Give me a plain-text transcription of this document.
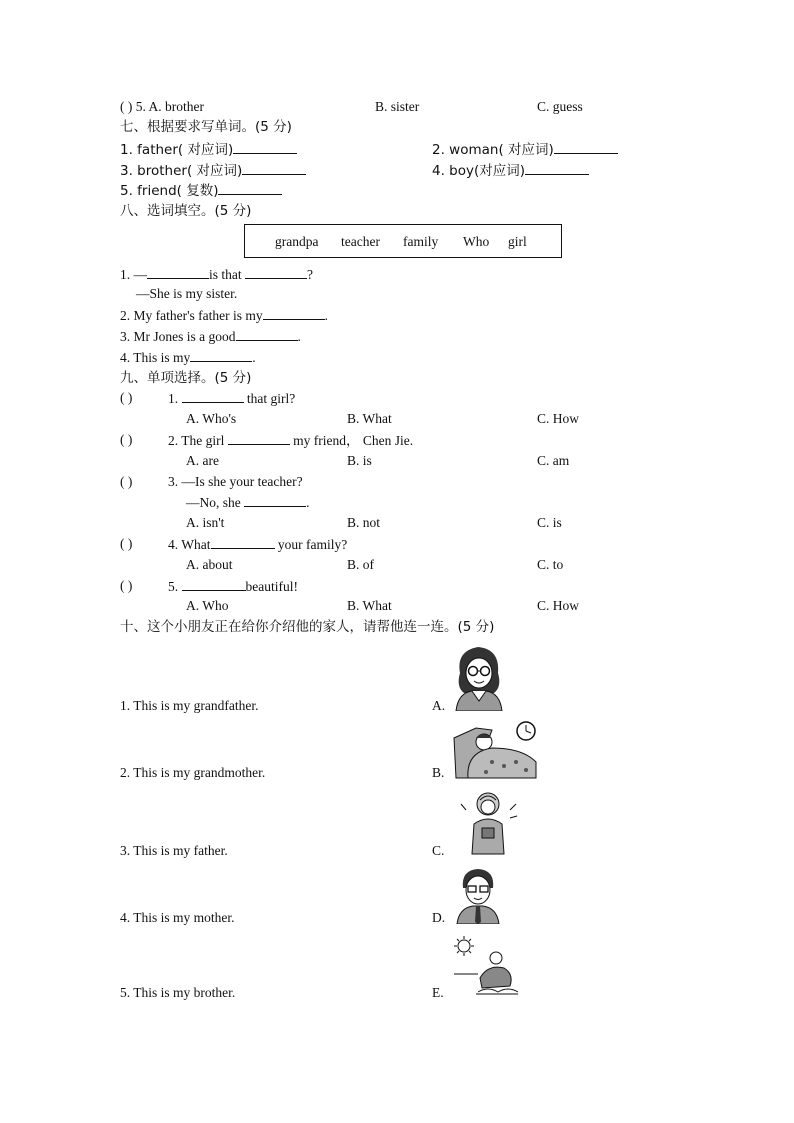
( ) 5. A. brother	B. sister	C. guess
七、根据要求写单词。(5 分)
1. father( 对应词)	2. woman( 对应词)
3. brother( 对应词)	4. boy(对应词)
5. friend( 复数)
八、选词填空。(5 分)
grandpa teacher family Who girl
1. —	is that	?
—She is my sister.
2. My father's father is my	.
3. Mr Jones is a good	.
4. This is my	.
九、单项选择。(5 分)
( )	1.	that girl?
A. Who's	B. What	C. How
( )	2. The girl	my friend， Chen Jie.
A. are	B. is	C. am
( )	3. —Is she your teacher?
—No, she	.
A. isn't	B. not	C. is
( )	4. What	your family?
A. about	B. of	C. to
( )	5.	beautiful!
A. Who	B. What	C. How
十、这个小朋友正在给你介绍他的家人，请帮他连一连。(5 分)
1. This is my grandfather.	A.
2. This is my grandmother.	B.
3. This is my father.	C.
4. This is my mother.	D.
5. This is my brother.	E.
